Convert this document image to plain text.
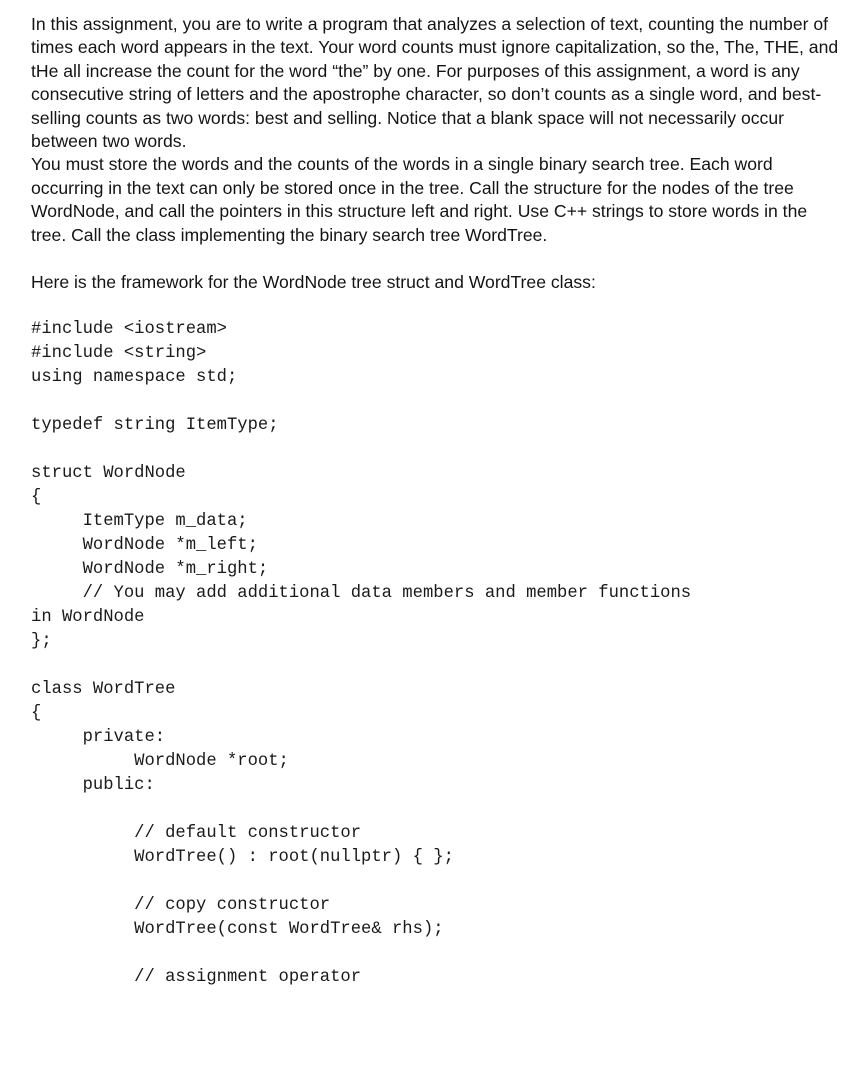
In this assignment, you are to write a program that analyzes a selection of text, counting the number of times each word appears in the text. Your word counts must ignore capitalization, so the, The, THE, and tHe all increase the count for the word “the” by one. For purposes of this assignment, a word is any consecutive string of letters and the apostrophe character, so don’t counts as a single word, and best-selling counts as two words: best and selling. Notice that a blank space will not necessarily occur between two words.

You must store the words and the counts of the words in a single binary search tree. Each word occurring in the text can only be stored once in the tree. Call the structure for the nodes of the tree WordNode, and call the pointers in this structure left and right. Use C++ strings to store words in the tree. Call the class implementing the binary search tree WordTree.

Here is the framework for the WordNode tree struct and WordTree class:

#include <iostream>
#include <string>
using namespace std;

typedef string ItemType;

struct WordNode
{
ItemType m_data;
WordNode *m_left;
WordNode *m_right;
// You may add additional data members and member functions
in WordNode
};

class WordTree
{
private:
WordNode *root;
public:

// default constructor
WordTree() : root(nullptr) { };

// copy constructor
WordTree(const WordTree& rhs);

// assignment operator
